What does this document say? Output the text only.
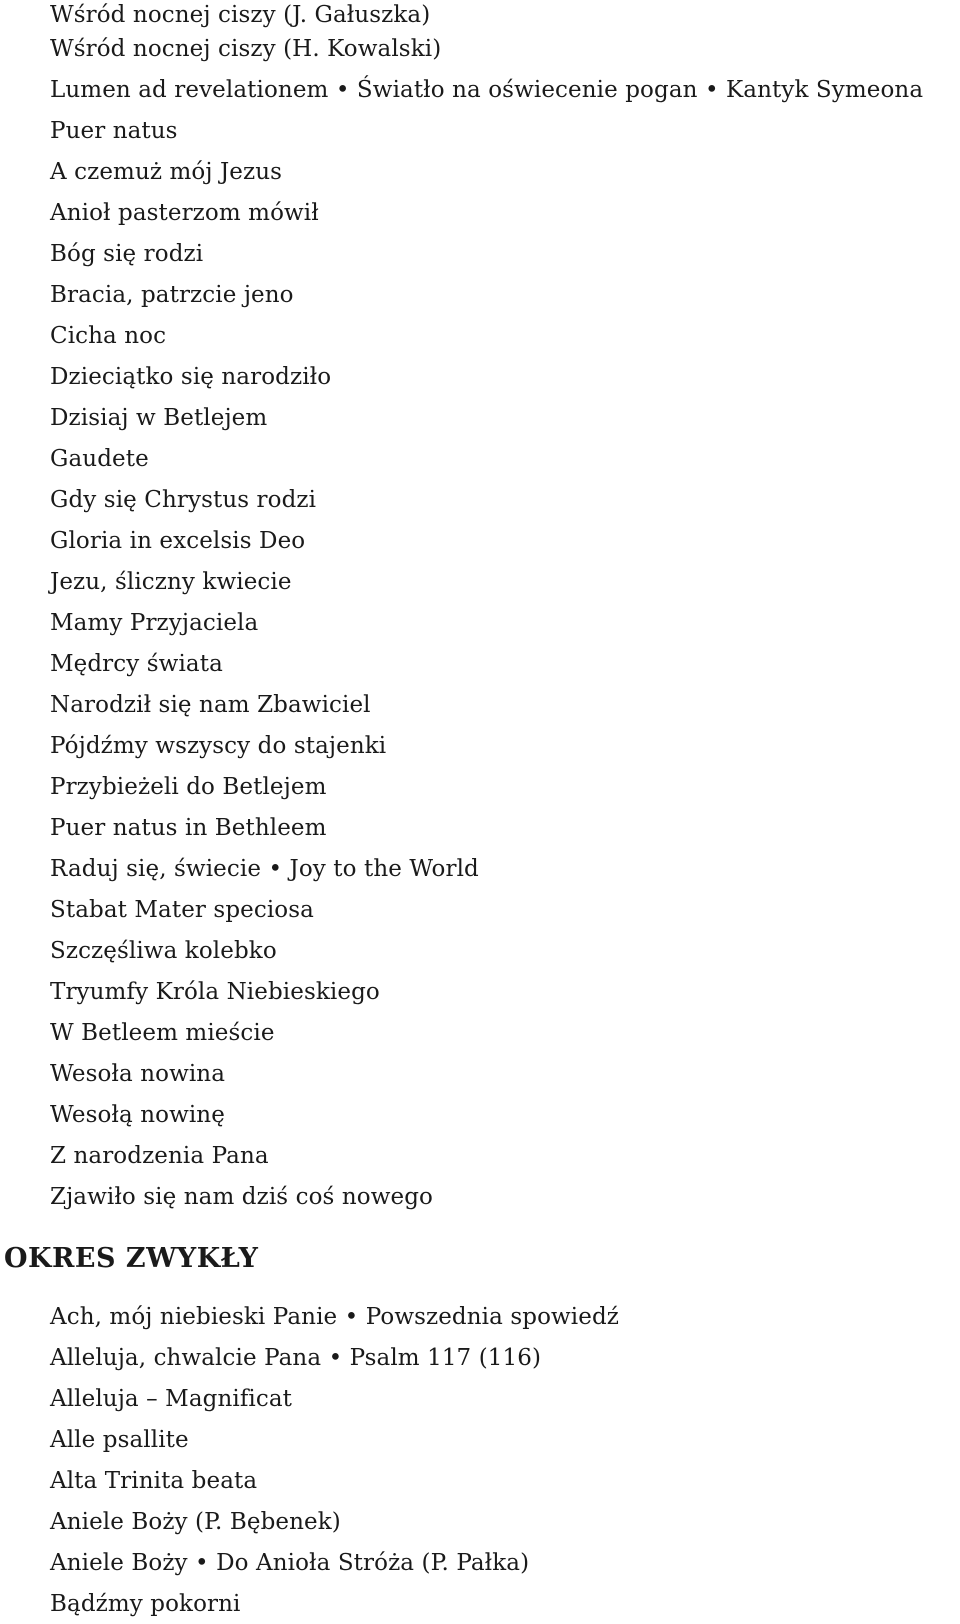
Wśród nocnej ciszy (J. Gałuszka)
Wśród nocnej ciszy (H. Kowalski)
Lumen ad revelationem • Światło na oświecenie pogan • Kantyk Symeona
Puer natus
A czemuż mój Jezus
Anioł pasterzom mówił
Bóg się rodzi
Bracia, patrzcie jeno
Cicha noc
Dzieciątko się narodziło
Dzisiaj w Betlejem
Gaudete
Gdy się Chrystus rodzi
Gloria in excelsis Deo
Jezu, śliczny kwiecie
Mamy Przyjaciela
Mędrcy świata
Narodził się nam Zbawiciel
Pójdźmy wszyscy do stajenki
Przybieżeli do Betlejem
Puer natus in Bethleem
Raduj się, świecie • Joy to the World
Stabat Mater speciosa
Szczęśliwa kolebko
Tryumfy Króla Niebieskiego
W Betleem mieście
Wesoła nowina
Wesołą nowinę
Z narodzenia Pana
Zjawiło się nam dziś coś nowego
OKRES ZWYKŁY
Ach, mój niebieski Panie • Powszednia spowiedź
Alleluja, chwalcie Pana • Psalm 117 (116)
Alleluja – Magnificat
Alle psallite
Alta Trinita beata
Aniele Boży (P. Bębenek)
Aniele Boży • Do Anioła Stróża (P. Pałka)
Bądźmy pokorni
